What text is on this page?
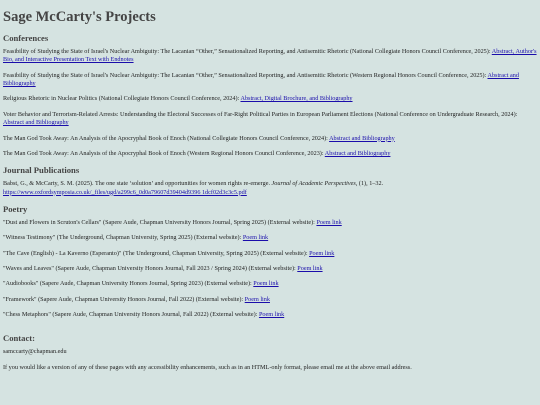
Sage McCarty's Projects
Conferences

Feasibility of Studying the State of Israel's Nuclear Ambiguity: The Lacanian “Other,” Sensationalized Reporting, and Antisemitic Rhetoric (National Collegiate Honors Council Conference, 2025): Abstract, Author's Bio, and Interactive Presentation Text with Endnotes

Feasibility of Studying the State of Israel's Nuclear Ambiguity: The Lacanian “Other,” Sensationalized Reporting, and Antisemitic Rhetoric (Western Regional Honors Council Conference, 2025): Abstract and Bibliography

Religious Rhetoric in Nuclear Politics (National Collegiate Honors Council Conference, 2024): Abstract, Digital Brochure, and Bibliography

Voter Behavior and Terrorism-Related Arrests: Understanding the Electoral Successes of Far-Right Political Parties in European Parliament Elections (National Conference on Undergraduate Research, 2024): Abstract and Bibliography

The Man God Took Away: An Analysis of the Apocryphal Book of Enoch (National Collegiate Honors Council Conference, 2024): Abstract and Bibliography

The Man God Took Away: An Analysis of the Apocryphal Book of Enoch (Western Regional Honors Council Conference, 2023): Abstract and Bibliography

Journal Publications

Babst, G., & McCarty, S. M. (2025). The one state ‘solution’ and opportunities for women rights re-emerge. Journal of Academic Perspectives, (1), 1–32.
https://www.oxfordsymposia.co.uk/_files/ugd/a299c6_0d0a79607d39404d9396 1dcf02d3c3c5.pdf

Poetry

"Dust and Flowers in Scruton's Cellars" (Sapere Aude, Chapman University Honors Journal, Spring 2025) (External website): Poem link

"Witness Testimony" (The Underground, Chapman University, Spring 2025) (External website): Poem link

"The Cave (English) - La Kaverno (Esperanto)" (The Underground, Chapman University, Spring 2025) (External website): Poem link

"Waves and Leaves" (Sapere Aude, Chapman University Honors Journal, Fall 2023 / Spring 2024) (External website): Poem link

"Audiobooks" (Sapere Aude, Chapman University Honors Journal, Spring 2023) (External website): Poem link

"Framework" (Sapere Aude, Chapman University Honors Journal, Fall 2022) (External website): Poem link

"Chess Metaphors" (Sapere Aude, Chapman University Honors Journal, Fall 2022) (External website): Poem link

Contact:

samccarty@chapman.edu

If you would like a version of any of these pages with any accessibility enhancements, such as in an HTML-only format, please email me at the above email address.
